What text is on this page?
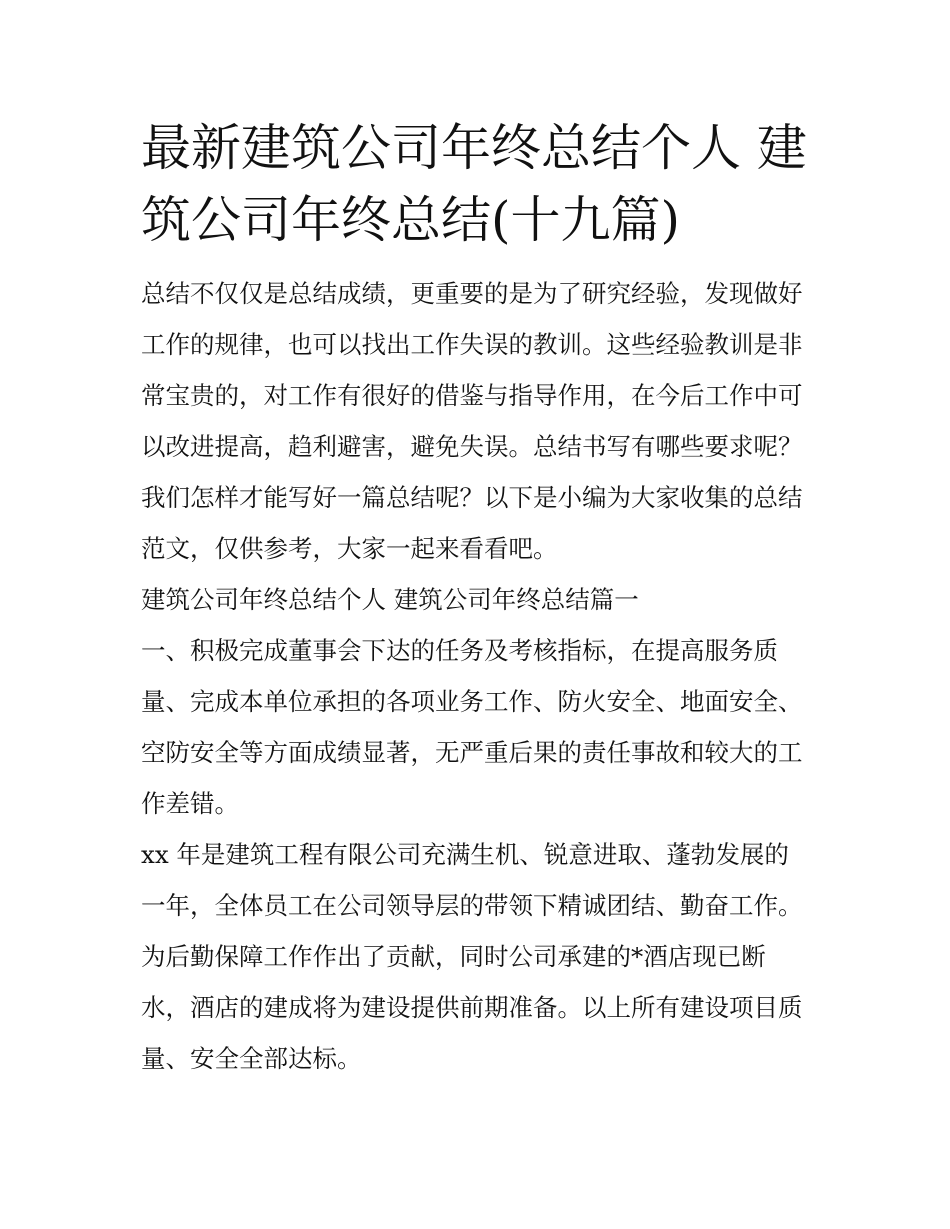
最新建筑公司年终总结个人 建
筑公司年终总结(十九篇)
总结不仅仅是总结成绩，更重要的是为了研究经验，发现做好
工作的规律，也可以找出工作失误的教训。这些经验教训是非
常宝贵的，对工作有很好的借鉴与指导作用，在今后工作中可
以改进提高，趋利避害，避免失误。总结书写有哪些要求呢？
我们怎样才能写好一篇总结呢？以下是小编为大家收集的总结
范文，仅供参考，大家一起来看看吧。
建筑公司年终总结个人 建筑公司年终总结篇一
一、积极完成董事会下达的任务及考核指标，在提高服务质
量、完成本单位承担的各项业务工作、防火安全、地面安全、
空防安全等方面成绩显著，无严重后果的责任事故和较大的工
作差错。
xx 年是建筑工程有限公司充满生机、锐意进取、蓬勃发展的
一年，全体员工在公司领导层的带领下精诚团结、勤奋工作。
为后勤保障工作作出了贡献，同时公司承建的*酒店现已断
水，酒店的建成将为建设提供前期准备。以上所有建设项目质
量、安全全部达标。
